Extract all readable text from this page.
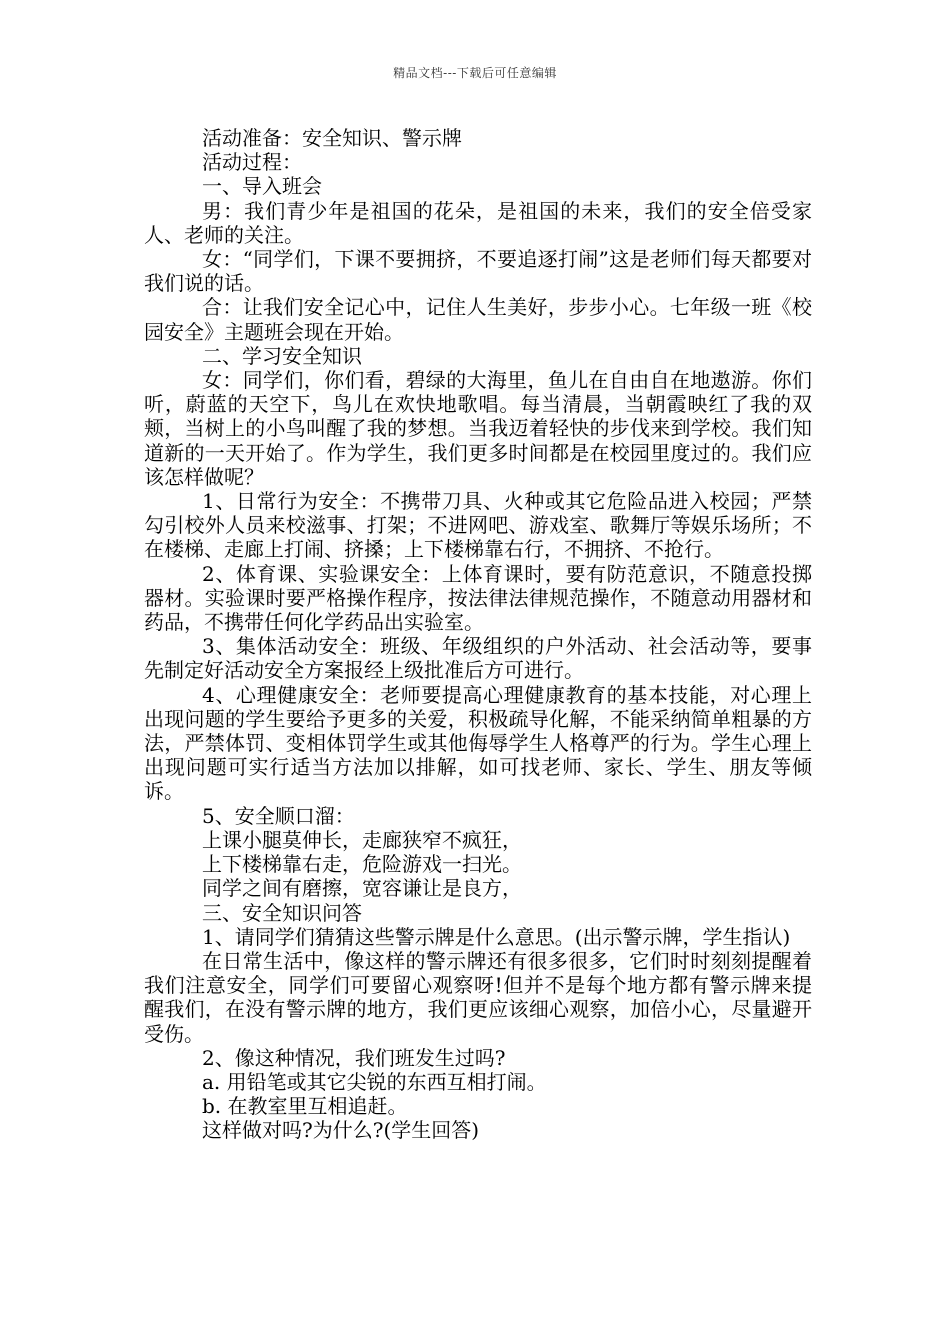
精品文档---下载后可任意编辑

活动准备：安全知识、警示牌

活动过程：

一、导入班会

男：我们青少年是祖国的花朵，是祖国的未来，我们的安全倍受家人、老师的关注。

女：“同学们，下课不要拥挤，不要追逐打闹”这是老师们每天都要对我们说的话。

合：让我们安全记心中，记住人生美好，步步小心。七年级一班《校园安全》主题班会现在开始。

二、学习安全知识

女：同学们，你们看，碧绿的大海里，鱼儿在自由自在地遨游。你们听，蔚蓝的天空下，鸟儿在欢快地歌唱。每当清晨，当朝霞映红了我的双颊，当树上的小鸟叫醒了我的梦想。当我迈着轻快的步伐来到学校。我们知道新的一天开始了。作为学生，我们更多时间都是在校园里度过的。我们应该怎样做呢？

1、日常行为安全：不携带刀具、火种或其它危险品进入校园；严禁勾引校外人员来校滋事、打架；不进网吧、游戏室、歌舞厅等娱乐场所；不在楼梯、走廊上打闹、挤搡；上下楼梯靠右行，不拥挤、不抢行。

2、体育课、实验课安全：上体育课时，要有防范意识，不随意投掷器材。实验课时要严格操作程序，按法律法律规范操作，不随意动用器材和药品，不携带任何化学药品出实验室。

3、集体活动安全：班级、年级组织的户外活动、社会活动等，要事先制定好活动安全方案报经上级批准后方可进行。

4、心理健康安全：老师要提高心理健康教育的基本技能，对心理上出现问题的学生要给予更多的关爱，积极疏导化解，不能采纳简单粗暴的方法，严禁体罚、变相体罚学生或其他侮辱学生人格尊严的行为。学生心理上出现问题可实行适当方法加以排解，如可找老师、家长、学生、朋友等倾诉。

5、安全顺口溜：

上课小腿莫伸长，走廊狭窄不疯狂，

上下楼梯靠右走，危险游戏一扫光。

同学之间有磨擦，宽容谦让是良方，

三、安全知识问答

1、请同学们猜猜这些警示牌是什么意思。(出示警示牌，学生指认)

在日常生活中，像这样的警示牌还有很多很多，它们时时刻刻提醒着我们注意安全，同学们可要留心观察呀!但并不是每个地方都有警示牌来提醒我们，在没有警示牌的地方，我们更应该细心观察，加倍小心，尽量避开受伤。

2、像这种情况，我们班发生过吗?

a. 用铅笔或其它尖锐的东西互相打闹。

b. 在教室里互相追赶。

这样做对吗?为什么?(学生回答)
